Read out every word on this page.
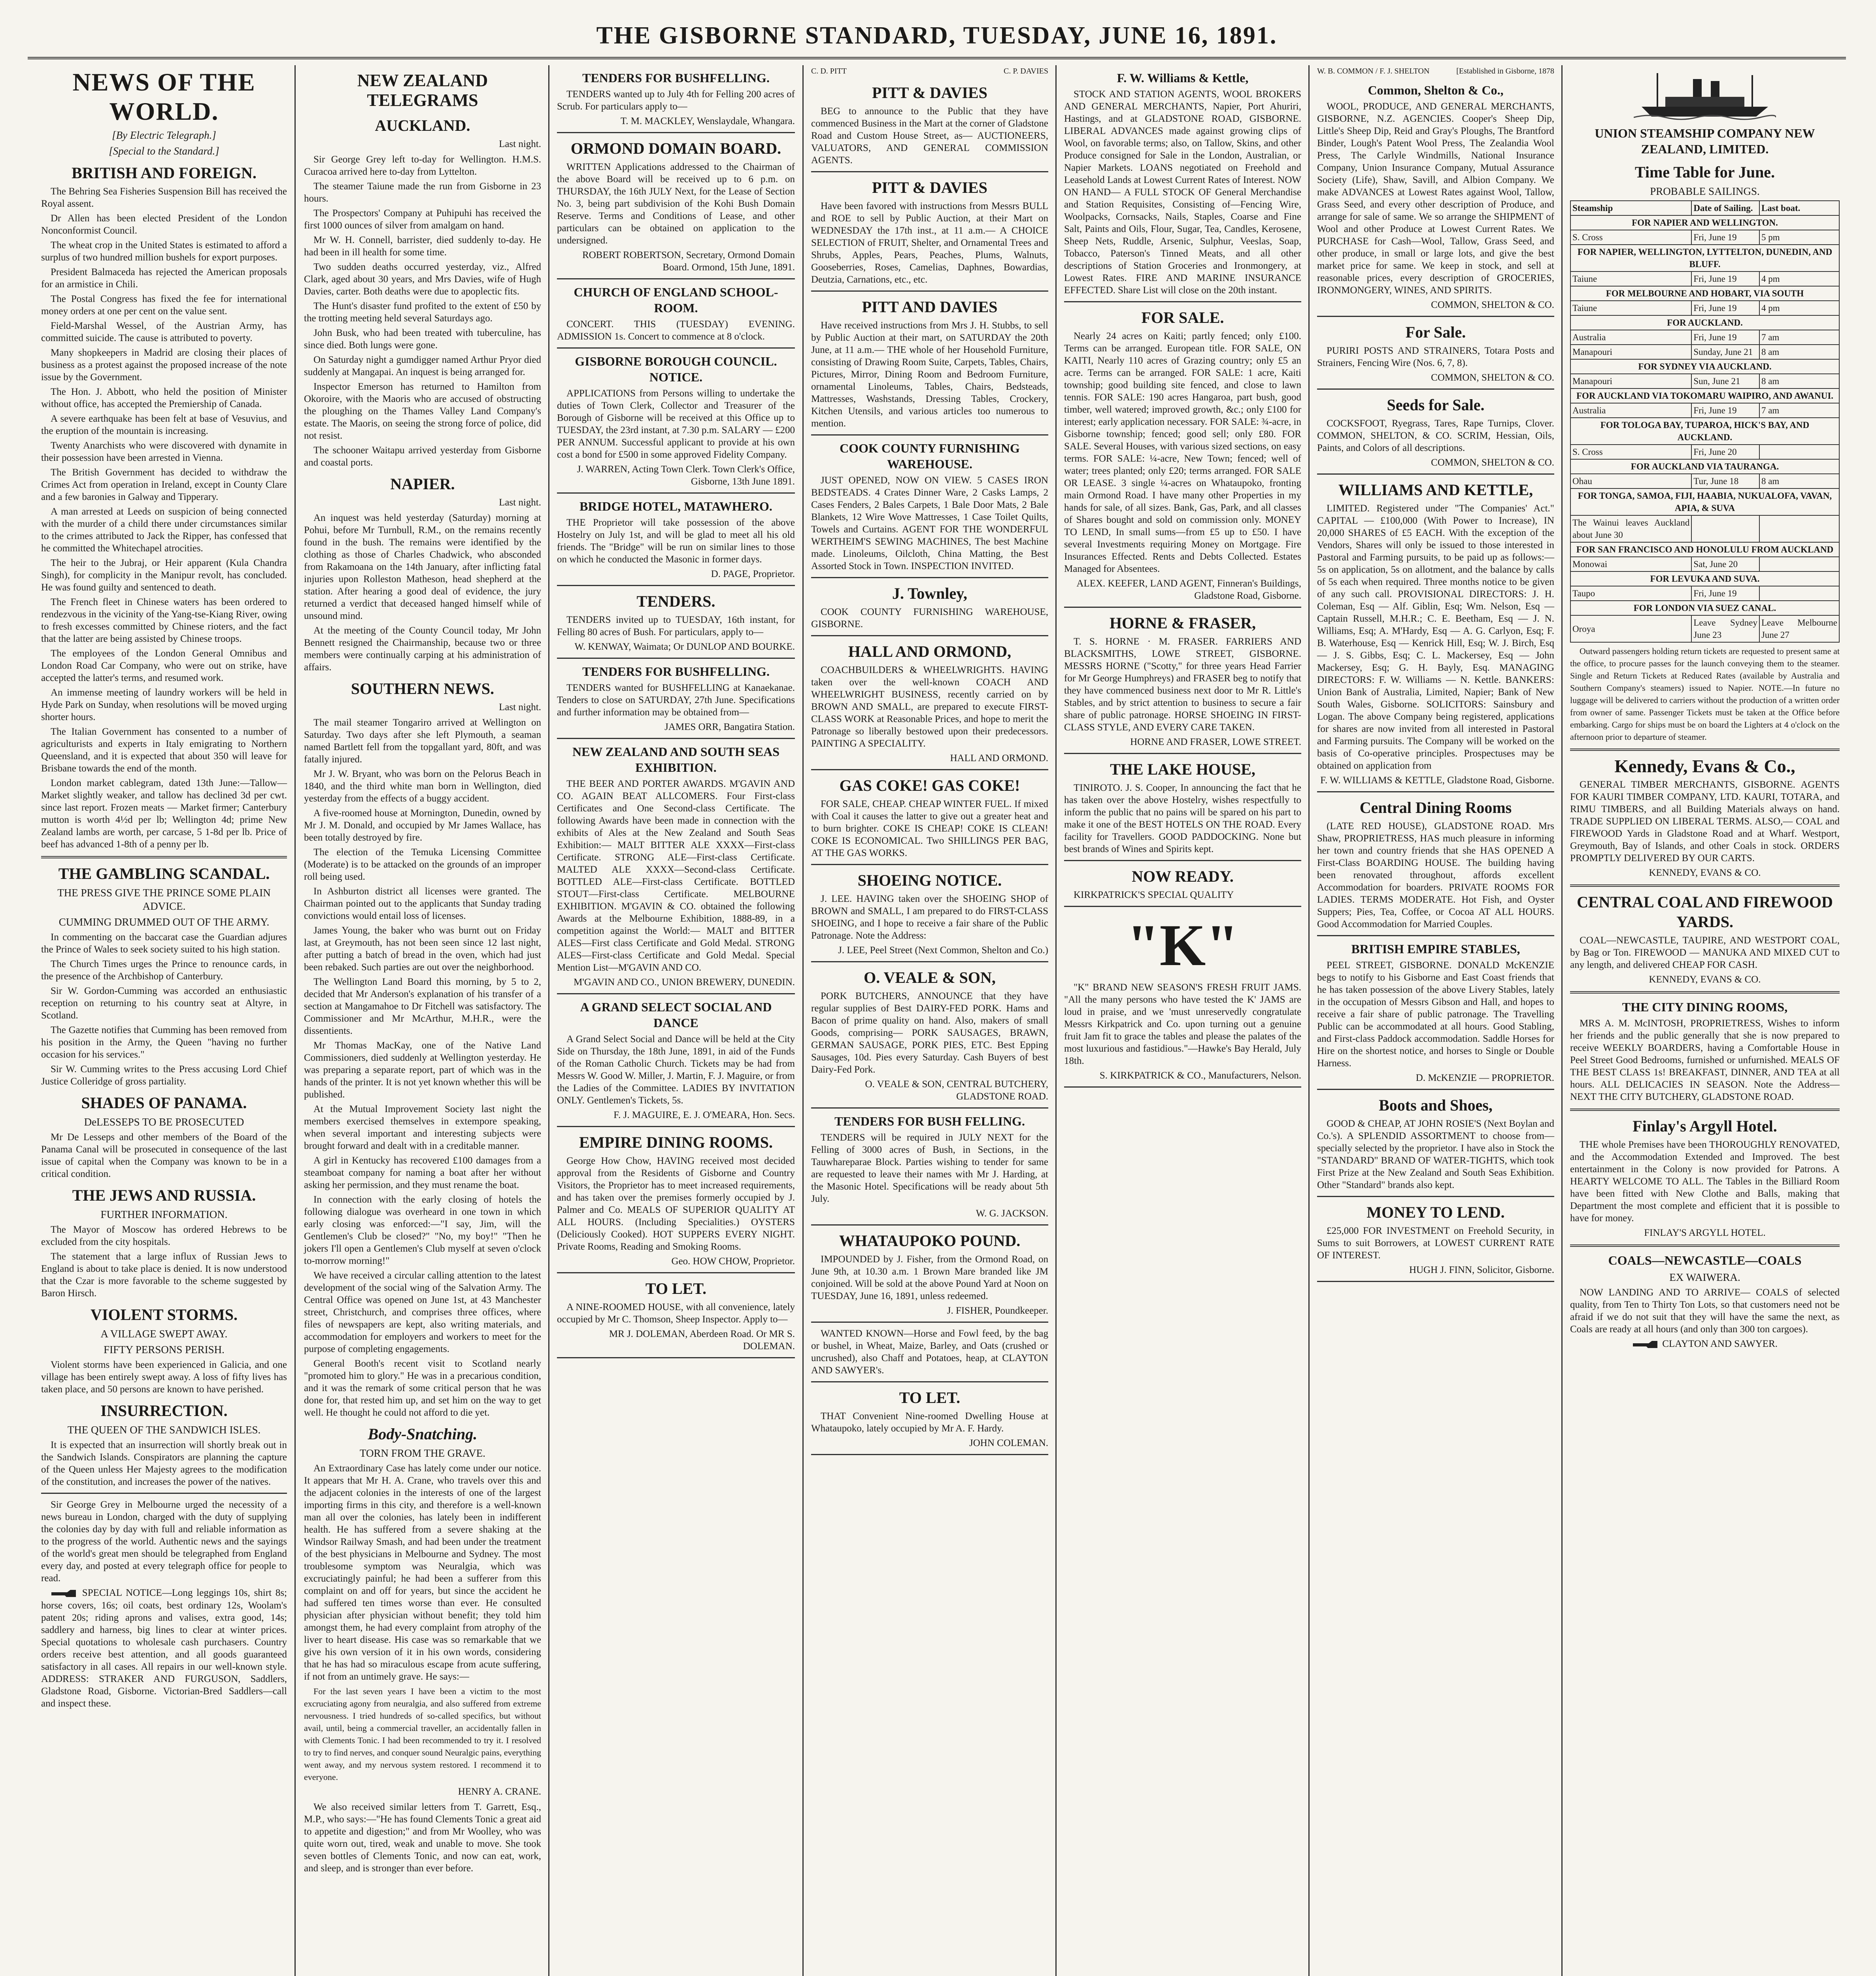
THE GISBORNE STANDARD, TUESDAY, JUNE 16, 1891.
NEWS OF THE WORLD.
[By Electric Telegraph.]
[Special to the Standard.]
BRITISH AND FOREIGN.

The Behring Sea Fisheries Suspension Bill has received the Royal assent.

Dr Allen has been elected President of the London Nonconformist Council.

The wheat crop in the United States is estimated to afford a surplus of two hundred million bushels for export purposes.

President Balmaceda has rejected the American proposals for an armistice in Chili.

The Postal Congress has fixed the fee for international money orders at one per cent on the value sent.

Field-Marshal Wessel, of the Austrian Army, has committed suicide. The cause is attributed to poverty.

Many shopkeepers in Madrid are closing their places of business as a protest against the proposed increase of the note issue by the Government.

The Hon. J. Abbott, who held the position of Minister without office, has accepted the Premiership of Canada.

A severe earthquake has been felt at base of Vesuvius, and the eruption of the mountain is increasing.

Twenty Anarchists who were discovered with dynamite in their possession have been arrested in Vienna.

The British Government has decided to withdraw the Crimes Act from operation in Ireland, except in County Clare and a few baronies in Galway and Tipperary.

A man arrested at Leeds on suspicion of being connected with the murder of a child there under circumstances similar to the crimes attributed to Jack the Ripper, has confessed that he committed the Whitechapel atrocities.

The heir to the Jubraj, or Heir apparent (Kula Chandra Singh), for complicity in the Manipur revolt, has concluded. He was found guilty and sentenced to death.

The French fleet in Chinese waters has been ordered to rendezvous in the vicinity of the Yang-tse-Kiang River, owing to fresh excesses committed by Chinese rioters, and the fact that the latter are being assisted by Chinese troops.

The employees of the London General Omnibus and London Road Car Company, who were out on strike, have accepted the latter's terms, and resumed work.

An immense meeting of laundry workers will be held in Hyde Park on Sunday, when resolutions will be moved urging shorter hours.

The Italian Government has consented to a number of agriculturists and experts in Italy emigrating to Northern Queensland, and it is expected that about 350 will leave for Brisbane towards the end of the month.

London market cablegram, dated 13th June:—Tallow—Market slightly weaker, and tallow has declined 3d per cwt. since last report. Frozen meats — Market firmer; Canterbury mutton is worth 4½d per lb; Wellington 4d; prime New Zealand lambs are worth, per carcase, 5 1-8d per lb. Price of beef has advanced 1-8th of a penny per lb.

THE GAMBLING SCANDAL.
THE PRESS GIVE THE PRINCE SOME PLAIN ADVICE.
CUMMING DRUMMED OUT OF THE ARMY.

In commenting on the baccarat case the Guardian adjures the Prince of Wales to seek society suited to his high station.

The Church Times urges the Prince to renounce cards, in the presence of the Archbishop of Canterbury.

Sir W. Gordon-Cumming was accorded an enthusiastic reception on returning to his country seat at Altyre, in Scotland.

The Gazette notifies that Cumming has been removed from his position in the Army, the Queen "having no further occasion for his services."

Sir W. Cumming writes to the Press accusing Lord Chief Justice Colleridge of gross partiality.

SHADES OF PANAMA.
DeLESSEPS TO BE PROSECUTED

Mr De Lesseps and other members of the Board of the Panama Canal will be prosecuted in consequence of the last issue of capital when the Company was known to be in a critical condition.

THE JEWS AND RUSSIA.
FURTHER INFORMATION.

The Mayor of Moscow has ordered Hebrews to be excluded from the city hospitals.

The statement that a large influx of Russian Jews to England is about to take place is denied. It is now understood that the Czar is more favorable to the scheme suggested by Baron Hirsch.

VIOLENT STORMS.
A VILLAGE SWEPT AWAY.
FIFTY PERSONS PERISH.

Violent storms have been experienced in Galicia, and one village has been entirely swept away. A loss of fifty lives has taken place, and 50 persons are known to have perished.

INSURRECTION.
THE QUEEN OF THE SANDWICH ISLES.

It is expected that an insurrection will shortly break out in the Sandwich Islands. Conspirators are planning the capture of the Queen unless Her Majesty agrees to the modification of the constitution, and increases the power of the natives.

Sir George Grey in Melbourne urged the necessity of a news bureau in London, charged with the duty of supplying the colonies day by day with full and reliable information as to the progress of the world. Authentic news and the sayings of the world's great men should be telegraphed from England every day, and posted at every telegraph office for people to read.

SPECIAL NOTICE—Long leggings 10s, shirt 8s; horse covers, 16s; oil coats, best ordinary 12s, Woolam's patent 20s; riding aprons and valises, extra good, 14s; saddlery and harness, big lines to clear at winter prices. Special quotations to wholesale cash purchasers. Country orders receive best attention, and all goods guaranteed satisfactory in all cases. All repairs in our well-known style. ADDRESS: STRAKER AND FURGUSON, Saddlers, Gladstone Road, Gisborne. Victorian-Bred Saddlers—call and inspect these.

NEW ZEALAND TELEGRAMS
AUCKLAND.
Last night.

Sir George Grey left to-day for Wellington. H.M.S. Curacoa arrived here to-day from Lyttelton.

The steamer Taiune made the run from Gisborne in 23 hours.

The Prospectors' Company at Puhipuhi has received the first 1000 ounces of silver from amalgam on hand.

Mr W. H. Connell, barrister, died suddenly to-day. He had been in ill health for some time.

Two sudden deaths occurred yesterday, viz., Alfred Clark, aged about 30 years, and Mrs Davies, wife of Hugh Davies, carter. Both deaths were due to apoplectic fits.

The Hunt's disaster fund profited to the extent of £50 by the trotting meeting held several Saturdays ago.

John Busk, who had been treated with tuberculine, has since died. Both lungs were gone.

On Saturday night a gumdigger named Arthur Pryor died suddenly at Mangapai. An inquest is being arranged for.

Inspector Emerson has returned to Hamilton from Okoroire, with the Maoris who are accused of obstructing the ploughing on the Thames Valley Land Company's estate. The Maoris, on seeing the strong force of police, did not resist.

The schooner Waitapu arrived yesterday from Gisborne and coastal ports.

NAPIER.
Last night.

An inquest was held yesterday (Saturday) morning at Pohui, before Mr Turnbull, R.M., on the remains recently found in the bush. The remains were identified by the clothing as those of Charles Chadwick, who absconded from Rakamoana on the 14th January, after inflicting fatal injuries upon Rolleston Matheson, head shepherd at the station. After hearing a good deal of evidence, the jury returned a verdict that deceased hanged himself while of unsound mind.

At the meeting of the County Council today, Mr John Bennett resigned the Chairmanship, because two or three members were continually carping at his administration of affairs.

SOUTHERN NEWS.
Last night.

The mail steamer Tongariro arrived at Wellington on Saturday. Two days after she left Plymouth, a seaman named Bartlett fell from the topgallant yard, 80ft, and was fatally injured.

Mr J. W. Bryant, who was born on the Pelorus Beach in 1840, and the third white man born in Wellington, died yesterday from the effects of a buggy accident.

A five-roomed house at Mornington, Dunedin, owned by Mr J. M. Donald, and occupied by Mr James Wallace, has been totally destroyed by fire.

The election of the Temuka Licensing Committee (Moderate) is to be attacked on the grounds of an improper roll being used.

In Ashburton district all licenses were granted. The Chairman pointed out to the applicants that Sunday trading convictions would entail loss of licenses.

James Young, the baker who was burnt out on Friday last, at Greymouth, has not been seen since 12 last night, after putting a batch of bread in the oven, which had just been rebaked. Such parties are out over the neighborhood.

The Wellington Land Board this morning, by 5 to 2, decided that Mr Anderson's explanation of his transfer of a section at Mangamahoe to Dr Fitchell was satisfactory. The Commissioner and Mr McArthur, M.H.R., were the dissentients.

Mr Thomas MacKay, one of the Native Land Commissioners, died suddenly at Wellington yesterday. He was preparing a separate report, part of which was in the hands of the printer. It is not yet known whether this will be published.

At the Mutual Improvement Society last night the members exercised themselves in extempore speaking, when several important and interesting subjects were brought forward and dealt with in a creditable manner.

A girl in Kentucky has recovered £100 damages from a steamboat company for naming a boat after her without asking her permission, and they must rename the boat.

In connection with the early closing of hotels the following dialogue was overheard in one town in which early closing was enforced:—"I say, Jim, will the Gentlemen's Club be closed?" "No, my boy!" "Then he jokers I'll open a Gentlemen's Club myself at seven o'clock to-morrow morning!"

We have received a circular calling attention to the latest development of the social wing of the Salvation Army. The Central Office was opened on June 1st, at 43 Manchester street, Christchurch, and comprises three offices, where files of newspapers are kept, also writing materials, and accommodation for employers and workers to meet for the purpose of completing engagements.

General Booth's recent visit to Scotland nearly "promoted him to glory." He was in a precarious condition, and it was the remark of some critical person that he was done for, that rested him up, and set him on the way to get well. He thought he could not afford to die yet.

Body-Snatching.
TORN FROM THE GRAVE.

An Extraordinary Case has lately come under our notice. It appears that Mr H. A. Crane, who travels over this and the adjacent colonies in the interests of one of the largest importing firms in this city, and therefore is a well-known man all over the colonies, has lately been in indifferent health. He has suffered from a severe shaking at the Windsor Railway Smash, and had been under the treatment of the best physicians in Melbourne and Sydney. The most troublesome symptom was Neuralgia, which was excruciatingly painful; he had been a sufferer from this complaint on and off for years, but since the accident he had suffered ten times worse than ever. He consulted physician after physician without benefit; they told him amongst them, he had every complaint from atrophy of the liver to heart disease. His case was so remarkable that we give his own version of it in his own words, considering that he has had so miraculous escape from acute suffering, if not from an untimely grave. He says:—

For the last seven years I have been a victim to the most excruciating agony from neuralgia, and also suffered from extreme nervousness. I tried hundreds of so-called specifics, but without avail, until, being a commercial traveller, an accidentally fallen in with Clements Tonic. I had been recommended to try it. I resolved to try to find nerves, and conquer sound Neuralgic pains, everything went away, and my nervous system restored. I recommend it to everyone.

HENRY A. CRANE.

We also received similar letters from T. Garrett, Esq., M.P., who says:—"He has found Clements Tonic a great aid to appetite and digestion;" and from Mr Woolley, who was quite worn out, tired, weak and unable to move. She took seven bottles of Clements Tonic, and now can eat, work, and sleep, and is stronger than ever before.

TENDERS FOR BUSHFELLING.

TENDERS wanted up to July 4th for Felling 200 acres of Scrub. For particulars apply to—

T. M. MACKLEY, Wenslaydale, Whangara.
ORMOND DOMAIN BOARD.

WRITTEN Applications addressed to the Chairman of the above Board will be received up to 6 p.m. on THURSDAY, the 16th JULY Next, for the Lease of Section No. 3, being part subdivision of the Kohi Bush Domain Reserve. Terms and Conditions of Lease, and other particulars can be obtained on application to the undersigned.

ROBERT ROBERTSON, Secretary, Ormond Domain Board. Ormond, 15th June, 1891.
CHURCH OF ENGLAND SCHOOL-ROOM.

CONCERT. THIS (TUESDAY) EVENING. ADMISSION 1s. Concert to commence at 8 o'clock.

GISBORNE BOROUGH COUNCIL. NOTICE.

APPLICATIONS from Persons willing to undertake the duties of Town Clerk, Collector and Treasurer of the Borough of Gisborne will be received at this Office up to TUESDAY, the 23rd instant, at 7.30 p.m. SALARY — £200 PER ANNUM. Successful applicant to provide at his own cost a bond for £500 in some approved Fidelity Company.

J. WARREN, Acting Town Clerk. Town Clerk's Office, Gisborne, 13th June 1891.
BRIDGE HOTEL, MATAWHERO.

THE Proprietor will take possession of the above Hostelry on July 1st, and will be glad to meet all his old friends. The "Bridge" will be run on similar lines to those on which he conducted the Masonic in former days.

D. PAGE, Proprietor.
TENDERS.

TENDERS invited up to TUESDAY, 16th instant, for Felling 80 acres of Bush. For particulars, apply to—

W. KENWAY, Waimata; Or DUNLOP AND BOURKE.
TENDERS FOR BUSHFELLING.

TENDERS wanted for BUSHFELLING at Kanaekanae. Tenders to close on SATURDAY, 27th June. Specifications and further information may be obtained from—

JAMES ORR, Bangatira Station.
NEW ZEALAND AND SOUTH SEAS EXHIBITION.

THE BEER AND PORTER AWARDS. M'GAVIN AND CO. AGAIN BEAT ALLCOMERS. Four First-class Certificates and One Second-class Certificate. The following Awards have been made in connection with the exhibits of Ales at the New Zealand and South Seas Exhibition:— MALT BITTER ALE XXXX—First-class Certificate. STRONG ALE—First-class Certificate. MALTED ALE XXXX—Second-class Certificate. BOTTLED ALE—First-class Certificate. BOTTLED STOUT—First-class Certificate. MELBOURNE EXHIBITION. M'GAVIN & CO. obtained the following Awards at the Melbourne Exhibition, 1888-89, in a competition against the World:— MALT and BITTER ALES—First class Certificate and Gold Medal. STRONG ALES—First-class Certificate and Gold Medal. Special Mention List—M'GAVIN AND CO.

M'GAVIN AND CO., UNION BREWERY, DUNEDIN.
A GRAND SELECT SOCIAL AND DANCE

A Grand Select Social and Dance will be held at the City Side on Thursday, the 18th June, 1891, in aid of the Funds of the Roman Catholic Church. Tickets may be had from Messrs W. Good W. Miller, J. Martin, F. J. Maguire, or from the Ladies of the Committee. LADIES BY INVITATION ONLY. Gentlemen's Tickets, 5s.

F. J. MAGUIRE, E. J. O'MEARA, Hon. Secs.
EMPIRE DINING ROOMS.

George How Chow, HAVING received most decided approval from the Residents of Gisborne and Country Visitors, the Proprietor has to meet increased requirements, and has taken over the premises formerly occupied by J. Palmer and Co. MEALS OF SUPERIOR QUALITY AT ALL HOURS. (Including Specialities.) OYSTERS (Deliciously Cooked). HOT SUPPERS EVERY NIGHT. Private Rooms, Reading and Smoking Rooms.

Geo. HOW CHOW, Proprietor.
TO LET.

A NINE-ROOMED HOUSE, with all convenience, lately occupied by Mr C. Thomson, Sheep Inspector. Apply to—

MR J. DOLEMAN, Aberdeen Road. Or MR S. DOLEMAN.
C. D. PITT	C. P. DAVIES
PITT & DAVIES

BEG to announce to the Public that they have commenced Business in the Mart at the corner of Gladstone Road and Custom House Street, as— AUCTIONEERS, VALUATORS, AND GENERAL COMMISSION AGENTS.

PITT & DAVIES

Have been favored with instructions from Messrs BULL and ROE to sell by Public Auction, at their Mart on WEDNESDAY the 17th inst., at 11 a.m.— A CHOICE SELECTION of FRUIT, Shelter, and Ornamental Trees and Shrubs, Apples, Pears, Peaches, Plums, Walnuts, Gooseberries, Roses, Camelias, Daphnes, Bowardias, Deutzia, Carnations, etc., etc.

PITT AND DAVIES

Have received instructions from Mrs J. H. Stubbs, to sell by Public Auction at their mart, on SATURDAY the 20th June, at 11 a.m.— THE whole of her Household Furniture, consisting of Drawing Room Suite, Carpets, Tables, Chairs, Pictures, Mirror, Dining Room and Bedroom Furniture, ornamental Linoleums, Tables, Chairs, Bedsteads, Mattresses, Washstands, Dressing Tables, Crockery, Kitchen Utensils, and various articles too numerous to mention.

COOK COUNTY FURNISHING WAREHOUSE.

JUST OPENED, NOW ON VIEW. 5 CASES IRON BEDSTEADS. 4 Crates Dinner Ware, 2 Casks Lamps, 2 Cases Fenders, 2 Bales Carpets, 1 Bale Door Mats, 2 Bale Blankets, 12 Wire Wove Mattresses, 1 Case Toilet Quilts, Towels and Curtains. AGENT FOR THE WONDERFUL WERTHEIM'S SEWING MACHINES, The best Machine made. Linoleums, Oilcloth, China Matting, the Best Assorted Stock in Town. INSPECTION INVITED.

J. Townley,

COOK COUNTY FURNISHING WAREHOUSE, GISBORNE.

HALL AND ORMOND,

COACHBUILDERS & WHEELWRIGHTS. HAVING taken over the well-known COACH AND WHEELWRIGHT BUSINESS, recently carried on by BROWN AND SMALL, are prepared to execute FIRST-CLASS WORK at Reasonable Prices, and hope to merit the Patronage so liberally bestowed upon their predecessors. PAINTING A SPECIALITY.

HALL AND ORMOND.
GAS COKE! GAS COKE!

FOR SALE, CHEAP. CHEAP WINTER FUEL. If mixed with Coal it causes the latter to give out a greater heat and to burn brighter. COKE IS CHEAP! COKE IS CLEAN! COKE IS ECONOMICAL. Two SHILLINGS PER BAG, AT THE GAS WORKS.

SHOEING NOTICE.

J. LEE. HAVING taken over the SHOEING SHOP of BROWN and SMALL, I am prepared to do FIRST-CLASS SHOEING, and I hope to receive a fair share of the Public Patronage. Note the Address:

J. LEE, Peel Street (Next Common, Shelton and Co.)
O. VEALE & SON,

PORK BUTCHERS, ANNOUNCE that they have regular supplies of Best DAIRY-FED PORK. Hams and Bacon of prime quality on hand. Also, makers of small Goods, comprising— PORK SAUSAGES, BRAWN, GERMAN SAUSAGE, PORK PIES, ETC. Best Epping Sausages, 10d. Pies every Saturday. Cash Buyers of best Dairy-Fed Pork.

O. VEALE & SON, CENTRAL BUTCHERY, GLADSTONE ROAD.
TENDERS FOR BUSH FELLING.

TENDERS will be required in JULY NEXT for the Felling of 3000 acres of Bush, in Sections, in the Tauwhareparae Block. Parties wishing to tender for same are requested to leave their names with Mr J. Harding, at the Masonic Hotel. Specifications will be ready about 5th July.

W. G. JACKSON.
WHATAUPOKO POUND.

IMPOUNDED by J. Fisher, from the Ormond Road, on June 9th, at 10.30 a.m. 1 Brown Mare branded like JM conjoined. Will be sold at the above Pound Yard at Noon on TUESDAY, June 16, 1891, unless redeemed.

J. FISHER, Poundkeeper.

WANTED KNOWN—Horse and Fowl feed, by the bag or bushel, in Wheat, Maize, Barley, and Oats (crushed or uncrushed), also Chaff and Potatoes, heap, at CLAYTON AND SAWYER's.

TO LET.

THAT Convenient Nine-roomed Dwelling House at Whataupoko, lately occupied by Mr A. F. Hardy.

JOHN COLEMAN.
F. W. Williams & Kettle,

STOCK AND STATION AGENTS, WOOL BROKERS AND GENERAL MERCHANTS, Napier, Port Ahuriri, Hastings, and at GLADSTONE ROAD, GISBORNE. LIBERAL ADVANCES made against growing clips of Wool, on favorable terms; also, on Tallow, Skins, and other Produce consigned for Sale in the London, Australian, or Napier Markets. LOANS negotiated on Freehold and Leasehold Lands at Lowest Current Rates of Interest. NOW ON HAND— A FULL STOCK OF General Merchandise and Station Requisites, Consisting of—Fencing Wire, Woolpacks, Cornsacks, Nails, Staples, Coarse and Fine Salt, Paints and Oils, Flour, Sugar, Tea, Candles, Kerosene, Sheep Nets, Ruddle, Arsenic, Sulphur, Veeslas, Soap, Tobacco, Paterson's Tinned Meats, and all other descriptions of Station Groceries and Ironmongery, at Lowest Rates. FIRE AND MARINE INSURANCE EFFECTED. Share List will close on the 20th instant.

FOR SALE.

Nearly 24 acres on Kaiti; partly fenced; only £100. Terms can be arranged. European title. FOR SALE, ON KAITI, Nearly 110 acres of Grazing country; only £5 an acre. Terms can be arranged. FOR SALE: 1 acre, Kaiti township; good building site fenced, and close to lawn tennis. FOR SALE: 190 acres Hangaroa, part bush, good timber, well watered; improved growth, &c.; only £100 for interest; early application necessary. FOR SALE: ¾-acre, in Gisborne township; fenced; good sell; only £80. FOR SALE. Several Houses, with various sized sections, on easy terms. FOR SALE: ¼-acre, New Town; fenced; well of water; trees planted; only £20; terms arranged. FOR SALE OR LEASE. 3 single ¼-acres on Whataupoko, fronting main Ormond Road. I have many other Properties in my hands for sale, of all sizes. Bank, Gas, Park, and all classes of Shares bought and sold on commission only. MONEY TO LEND, In small sums—from £5 up to £50. I have several Investments requiring Money on Mortgage. Fire Insurances Effected. Rents and Debts Collected. Estates Managed for Absentees.

ALEX. KEEFER, LAND AGENT, Finneran's Buildings, Gladstone Road, Gisborne.
HORNE & FRASER,

T. S. HORNE · M. FRASER. FARRIERS AND BLACKSMITHS, LOWE STREET, GISBORNE. MESSRS HORNE ("Scotty," for three years Head Farrier for Mr George Humphreys) and FRASER beg to notify that they have commenced business next door to Mr R. Little's Stables, and by strict attention to business to secure a fair share of public patronage. HORSE SHOEING IN FIRST-CLASS STYLE, AND EVERY CARE TAKEN.

HORNE AND FRASER, LOWE STREET.
THE LAKE HOUSE,

TINIROTO. J. S. Cooper, In announcing the fact that he has taken over the above Hostelry, wishes respectfully to inform the public that no pains will be spared on his part to make it one of the BEST HOTELS ON THE ROAD. Every facility for Travellers. GOOD PADDOCKING. None but best brands of Wines and Spirits kept.

NOW READY.

KIRKPATRICK'S SPECIAL QUALITY

"K"

"K" BRAND NEW SEASON'S FRESH FRUIT JAMS. "All the many persons who have tested the K' JAMS are loud in praise, and we 'must unreservedly congratulate Messrs Kirkpatrick and Co. upon turning out a genuine fruit Jam fit to grace the tables and please the palates of the most luxurious and fastidious."—Hawke's Bay Herald, July 18th.

S. KIRKPATRICK & CO., Manufacturers, Nelson.
W. B. COMMON / F. J. SHELTON	[Established in Gisborne, 1878
Common, Shelton & Co.,

WOOL, PRODUCE, AND GENERAL MERCHANTS, GISBORNE, N.Z. AGENCIES. Cooper's Sheep Dip, Little's Sheep Dip, Reid and Gray's Ploughs, The Brantford Binder, Lough's Patent Wool Press, The Zealandia Wool Press, The Carlyle Windmills, National Insurance Company, Union Insurance Company, Mutual Assurance Society (Life), Shaw, Savill, and Albion Company. We make ADVANCES at Lowest Rates against Wool, Tallow, Grass Seed, and every other description of Produce, and arrange for sale of same. We so arrange the SHIPMENT of Wool and other Produce at Lowest Current Rates. We PURCHASE for Cash—Wool, Tallow, Grass Seed, and other produce, in small or large lots, and give the best market price for same. We keep in stock, and sell at reasonable prices, every description of GROCERIES, IRONMONGERY, WINES, AND SPIRITS.

COMMON, SHELTON & CO.
For Sale.

PURIRI POSTS AND STRAINERS, Totara Posts and Strainers, Fencing Wire (Nos. 6, 7, 8).

COMMON, SHELTON & CO.
Seeds for Sale.

COCKSFOOT, Ryegrass, Tares, Rape Turnips, Clover. COMMON, SHELTON, & CO. SCRIM, Hessian, Oils, Paints, and Colors of all descriptions.

COMMON, SHELTON & CO.
WILLIAMS AND KETTLE,

LIMITED. Registered under "The Companies' Act." CAPITAL — £100,000 (With Power to Increase), IN 20,000 SHARES of £5 EACH. With the exception of the Vendors, Shares will only be issued to those interested in Pastoral and Farming pursuits, to be paid up as follows:—5s on application, 5s on allotment, and the balance by calls of 5s each when required. Three months notice to be given of any such call. PROVISIONAL DIRECTORS: J. H. Coleman, Esq — Alf. Giblin, Esq; Wm. Nelson, Esq — Captain Russell, M.H.R.; C. E. Beetham, Esq — J. N. Williams, Esq; A. M'Hardy, Esq — A. G. Carlyon, Esq; F. B. Waterhouse, Esq — Kenrick Hill, Esq; W. J. Birch, Esq — J. S. Gibbs, Esq; C. L. Mackersey, Esq — John Mackersey, Esq; G. H. Bayly, Esq. MANAGING DIRECTORS: F. W. Williams — N. Kettle. BANKERS: Union Bank of Australia, Limited, Napier; Bank of New South Wales, Gisborne. SOLICITORS: Sainsbury and Logan. The above Company being registered, applications for shares are now invited from all interested in Pastoral and Farming pursuits. The Company will be worked on the basis of Co-operative principles. Prospectuses may be obtained on application from

F. W. WILLIAMS & KETTLE, Gladstone Road, Gisborne.
Central Dining Rooms

(LATE RED HOUSE), GLADSTONE ROAD. Mrs Shaw, PROPRIETRESS, HAS much pleasure in informing her town and country friends that she HAS OPENED A First-Class BOARDING HOUSE. The building having been renovated throughout, affords excellent Accommodation for boarders. PRIVATE ROOMS FOR LADIES. TERMS MODERATE. Hot Fish, and Oyster Suppers; Pies, Tea, Coffee, or Cocoa AT ALL HOURS. Good Accommodation for Married Couples.

BRITISH EMPIRE STABLES,

PEEL STREET, GISBORNE. DONALD McKENZIE begs to notify to his Gisborne and East Coast friends that he has taken possession of the above Livery Stables, lately in the occupation of Messrs Gibson and Hall, and hopes to receive a fair share of public patronage. The Travelling Public can be accommodated at all hours. Good Stabling, and First-class Paddock accommodation. Saddle Horses for Hire on the shortest notice, and horses to Single or Double Harness.

D. McKENZIE — PROPRIETOR.
Boots and Shoes,

GOOD & CHEAP, AT JOHN ROSIE'S (Next Boylan and Co.'s). A SPLENDID ASSORTMENT to choose from—specially selected by the proprietor. I have also in Stock the "STANDARD" BRAND OF WATER-TIGHTS, which took First Prize at the New Zealand and South Seas Exhibition. Other "Standard" brands also kept.

MONEY TO LEND.

£25,000 FOR INVESTMENT on Freehold Security, in Sums to suit Borrowers, at LOWEST CURRENT RATE OF INTEREST.

HUGH J. FINN, Solicitor, Gisborne.
UNION STEAMSHIP COMPANY NEW ZEALAND, LIMITED.
Time Table for June.
PROBABLE SAILINGS.
Steamship	Date of Sailing.	Last boat.
FOR NAPIER AND WELLINGTON.		
S. Cross	Fri, June 19	5 pm
FOR NAPIER, WELLINGTON, LYTTELTON, DUNEDIN, AND BLUFF.		
Taiune	Fri, June 19	4 pm
FOR MELBOURNE AND HOBART, VIA SOUTH		
Taiune	Fri, June 19	4 pm
FOR AUCKLAND.		
Australia	Fri, June 19	7 am
Manapouri	Sunday, June 21	8 am
FOR SYDNEY VIA AUCKLAND.		
Manapouri	Sun, June 21	8 am
FOR AUCKLAND VIA TOKOMARU WAIPIRO, AND AWANUI.		
Australia	Fri, June 19	7 am
FOR TOLOGA BAY, TUPAROA, HICK'S BAY, AND AUCKLAND.		
S. Cross	Fri, June 20	
FOR AUCKLAND VIA TAURANGA.		
Ohau	Tur, June 18	8 am
FOR TONGA, SAMOA, FIJI, HAABIA, NUKUALOFA, VAVAN, APIA, & SUVA		
The Wainui leaves Auckland about June 30		
FOR SAN FRANCISCO AND HONOLULU FROM AUCKLAND		
Monowai	Sat, June 20	
FOR LEVUKA AND SUVA.		
Taupo	Fri, June 19	
FOR LONDON VIA SUEZ CANAL.		
Oroya	Leave Sydney June 23	Leave Melbourne June 27

Outward passengers holding return tickets are requested to present same at the office, to procure passes for the launch conveying them to the steamer. Single and Return Tickets at Reduced Rates (available by Australia and Southern Company's steamers) issued to Napier. NOTE.—In future no luggage will be delivered to carriers without the production of a written order from owner of same. Passenger Tickets must be taken at the Office before embarking. Cargo for ships must be on board the Lighters at 4 o'clock on the afternoon prior to departure of steamer.

Kennedy, Evans & Co.,

GENERAL TIMBER MERCHANTS, GISBORNE. AGENTS FOR KAURI TIMBER COMPANY, LTD. KAURI, TOTARA, and RIMU TIMBERS, and all Building Materials always on hand. TRADE SUPPLIED ON LIBERAL TERMS. ALSO,— COAL and FIREWOOD Yards in Gladstone Road and at Wharf. Westport, Greymouth, Bay of Islands, and other Coals in stock. ORDERS PROMPTLY DELIVERED BY OUR CARTS.

KENNEDY, EVANS & CO.
CENTRAL COAL AND FIREWOOD YARDS.

COAL—NEWCASTLE, TAUPIRE, AND WESTPORT COAL, by Bag or Ton. FIREWOOD — MANUKA AND MIXED CUT to any length, and delivered CHEAP FOR CASH.

KENNEDY, EVANS & CO.
THE CITY DINING ROOMS,

MRS A. M. McINTOSH, PROPRIETRESS, Wishes to inform her friends and the public generally that she is now prepared to receive WEEKLY BOARDERS, having a Comfortable House in Peel Street Good Bedrooms, furnished or unfurnished. MEALS OF THE BEST CLASS 1s! BREAKFAST, DINNER, AND TEA at all hours. ALL DELICACIES IN SEASON. Note the Address— NEXT THE CITY BUTCHERY, GLADSTONE ROAD.

Finlay's Argyll Hotel.

THE whole Premises have been THOROUGHLY RENOVATED, and the Accommodation Extended and Improved. The best entertainment in the Colony is now provided for Patrons. A HEARTY WELCOME TO ALL. The Tables in the Billiard Room have been fitted with New Clothe and Balls, making that Department the most complete and efficient that it is possible to have for money.

FINLAY'S ARGYLL HOTEL.
COALS—NEWCASTLE—COALS
EX WAIWERA.

NOW LANDING AND TO ARRIVE— COALS of selected quality, from Ten to Thirty Ton Lots, so that customers need not be afraid if we do not suit that they will have the same the next, as Coals are ready at all hours (and only than 300 ton cargoes).

CLAYTON AND SAWYER.
